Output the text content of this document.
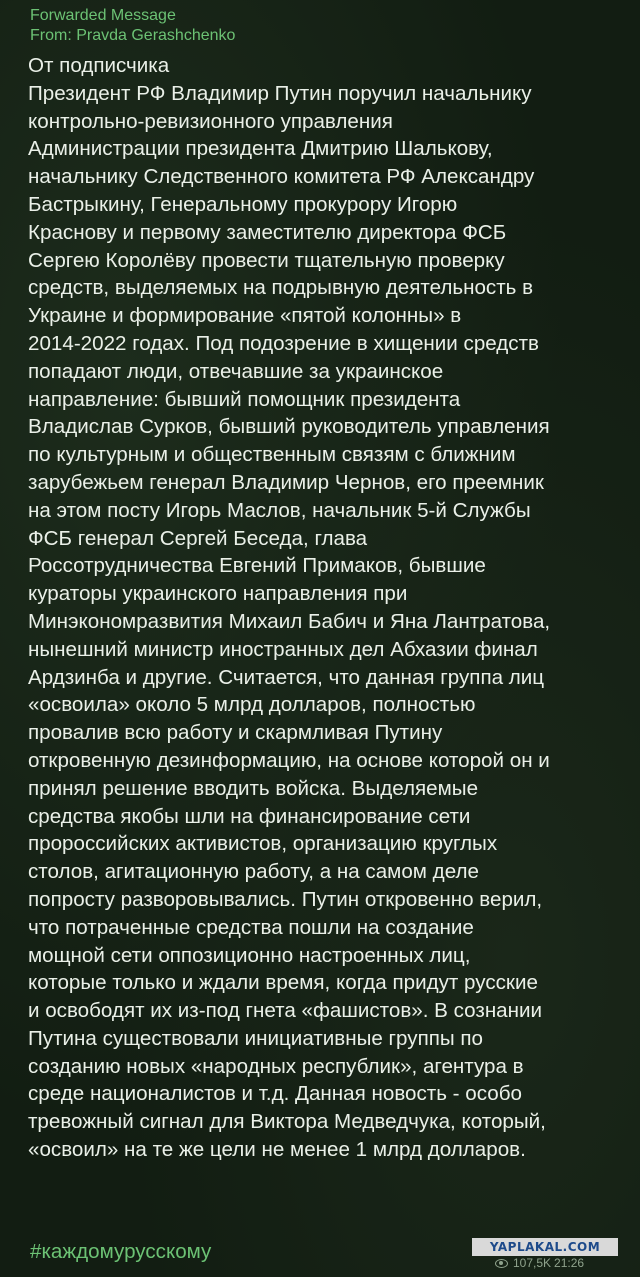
Forwarded Message
From: Pravda Gerashchenko

От подписчика

Президент РФ Владимир Путин поручил начальнику

контрольно-ревизионного управления

Администрации президента Дмитрию Шалькову,

начальнику Следственного комитета РФ Александру

Бастрыкину, Генеральному прокурору Игорю

Краснову и первому заместителю директора ФСБ

Сергею Королёву провести тщательную проверку

средств, выделяемых на подрывную деятельность в

Украине и формирование «пятой колонны» в

2014-2022 годах. Под подозрение в хищении средств

попадают люди, отвечавшие за украинское

направление: бывший помощник президента

Владислав Сурков, бывший руководитель управления

по культурным и общественным связям с ближним

зарубежьем генерал Владимир Чернов, его преемник

на этом посту Игорь Маслов, начальник 5-й Службы

ФСБ генерал Сергей Беседа, глава

Россотрудничества Евгений Примаков, бывшие

кураторы украинского направления при

Минэкономразвития Михаил Бабич и Яна Лантратова,

нынешний министр иностранных дел Абхазии финал

Ардзинба и другие. Считается, что данная группа лиц

«освоила» около 5 млрд долларов, полностью

провалив всю работу и скармливая Путину

откровенную дезинформацию, на основе которой он и

принял решение вводить войска. Выделяемые

средства якобы шли на финансирование сети

пророссийских активистов, организацию круглых

столов, агитационную работу, а на самом деле

попросту разворовывались. Путин откровенно верил,

что потраченные средства пошли на создание

мощной сети оппозиционно настроенных лиц,

которые только и ждали время, когда придут русские

и освободят их из-под гнета «фашистов». В сознании

Путина существовали инициативные группы по

созданию новых «народных республик», агентура в

среде националистов и т.д. Данная новость - особо

тревожный сигнал для Виктора Медведчука, который,

«освоил» на те же цели не менее 1 млрд долларов.

#каждомурусскому	YAPLAKAL.COM
107,5K 21:26
